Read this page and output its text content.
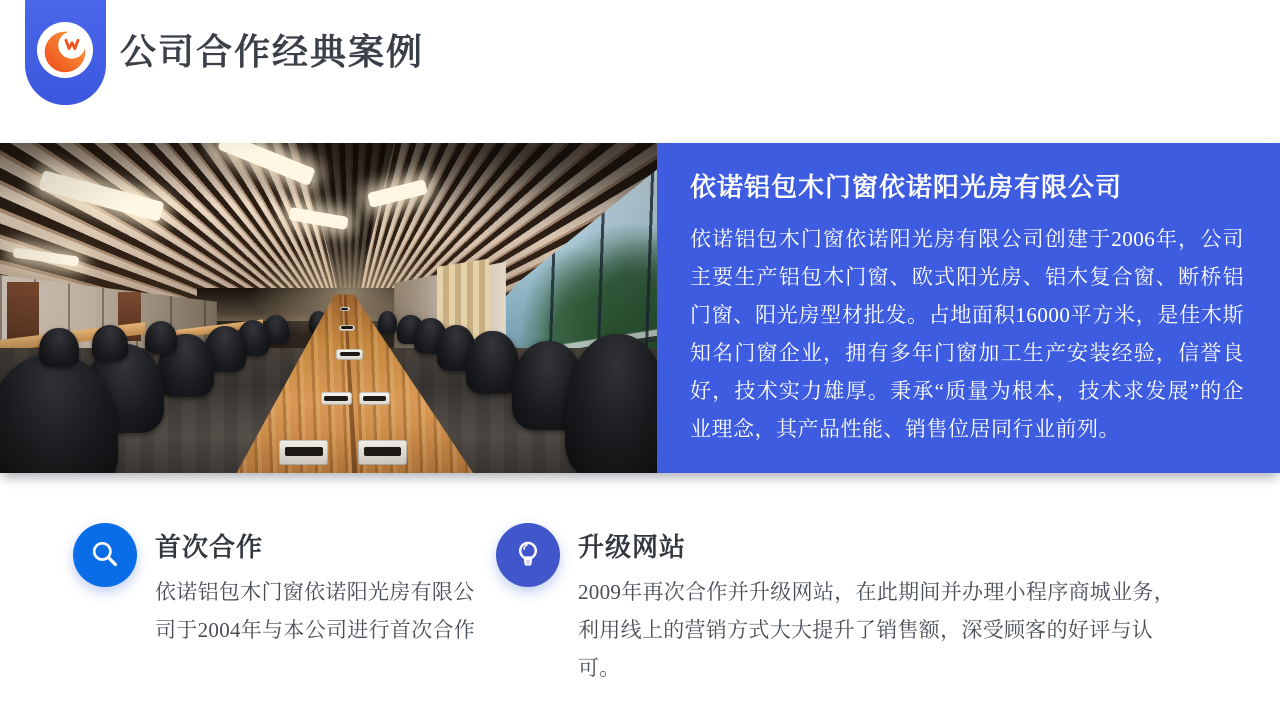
公司合作经典案例
依诺铝包木门窗依诺阳光房有限公司

依诺铝包木门窗依诺阳光房有限公司创建于2006年，公司主要生产铝包木门窗、欧式阳光房、铝木复合窗、断桥铝门窗、阳光房型材批发。占地面积16000平方米，是佳木斯知名门窗企业，拥有多年门窗加工生产安装经验，信誉良好，技术实力雄厚。秉承“质量为根本，技术求发展”的企业理念，其产品性能、销售位居同行业前列。

首次合作

依诺铝包木门窗依诺阳光房有限公司于2004年与本公司进行首次合作

升级网站

2009年再次合作并升级网站，在此期间并办理小程序商城业务，利用线上的营销方式大大提升了销售额，深受顾客的好评与认可。
